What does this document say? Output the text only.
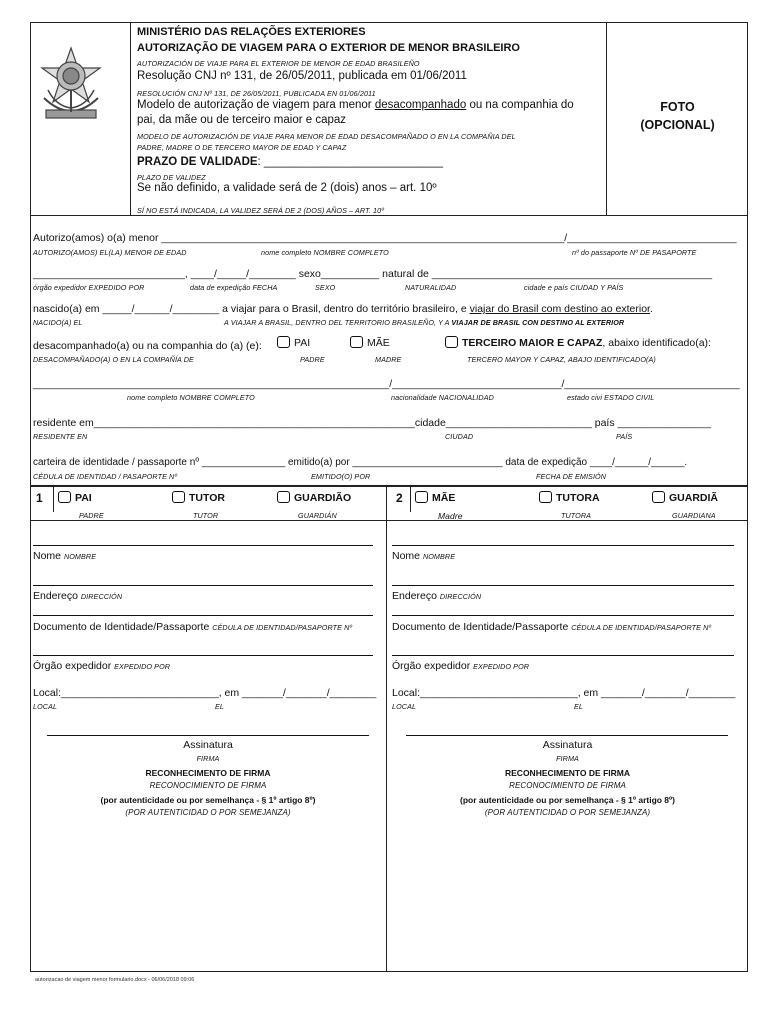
MINISTÉRIO DAS RELAÇÕES EXTERIORES
AUTORIZAÇÃO DE VIAGEM PARA O EXTERIOR DE MENOR BRASILEIRO
AUTORIZACIÓN DE VIAJE PARA EL EXTERIOR DE MENOR DE EDAD BRASILEÑO
Resolução CNJ nº 131, de 26/05/2011, publicada em 01/06/2011
RESOLUCIÓN CNJ Nº 131, DE 26/05/2011, PUBLICADA EN 01/06/2011
Modelo de autorização de viagem para menor desacompanhado ou na companhia do
pai, da mãe ou de terceiro maior e capaz
MODELO DE AUTORIZACIÓN DE VIAJE PARA MENOR DE EDAD DESACOMPAÑADO O EN LA COMPAÑIA DEL
PADRE, MADRE O DE TERCERO MAYOR DE EDAD Y CAPAZ
PRAZO DE VALIDADE: ____________________________
PLAZO DE VALIDEZ
Se não definido, a validade será de 2 (dois) anos – art. 10º
SÍ NO ESTÁ INDICADA, LA VALIDEZ SERÁ DE 2 (DOS) AÑOS – ART. 10º
FOTO
(OPCIONAL)
Autorizo(amos) o(a) menor _____________________________________________________________________/_____________________________
AUTORIZO(AMOS) EL(LA) MENOR DE EDAD	nome completo NOMBRE COMPLETO	nº do passaporte Nº DE PASAPORTE
__________________________, ____/_____/________ sexo__________ natural de ________________________________________________
órgão expedidor EXPEDIDO POR	data de expedição FECHA	SEXO	NATURALIDAD	cidade e país CIUDAD Y PAÍS
nascido(a) em _____/______/________ a viajar para o Brasil, dentro do território brasileiro, e viajar do Brasil com destino ao exterior.
NACIDO(A) EL	A VIAJAR A BRASIL, DENTRO DEL TERRITORIO BRASILEÑO, Y A VIAJAR DE BRASIL CON DESTINO AL EXTERIOR
desacompanhado(a) ou na companhia do (a) (e):	PAI	MÃE	TERCEIRO MAIOR E CAPAZ, abaixo identificado(a):
DESACOMPAÑADO(A) O EN LA COMPAÑÍA DE	PADRE	MADRE	TERCERO MAYOR Y CAPAZ, ABAJO IDENTIFICADO(A)
_____________________________________________________________/_____________________________/______________________________
nome completo NOMBRE COMPLETO	nacionalidade NACIONALIDAD	estado civi ESTADO CIVIL
residente em_______________________________________________________cidade_________________________ país ________________
RESIDENTE EN	CIUDAD	PAÍS
carteira de identidade / passaporte nº _______________ emitido(a) por ___________________________ data de expedição ____/______/______.
CÉDULA DE IDENTIDAD / PASAPORTE Nº	EMITIDO(O) POR	FECHA DE EMISIÓN
1	PAI	TUTOR	GUARDIÃO
PADRE	TUTOR	GUARDIÁN
2	MÃE	TUTORA	GUARDIÃ
Madre	TUTORA	GUARDIANA
Nome NOMBRE
Endereço DIRECCIÓN
Documento de Identidade/Passaporte CÉDULA DE IDENTIDAD/PASAPORTE Nº
Órgão expedidor EXPEDIDO POR
Local:___________________________, em _______/_______/________
LOCAL	EL
Assinatura
FIRMA
RECONHECIMENTO DE FIRMA
RECONOCIMIENTO DE FIRMA
(por autenticidade ou por semelhança - § 1º artigo 8º)
(POR AUTENTICIDAD O POR SEMEJANZA)
Nome NOMBRE
Endereço DIRECCIÓN
Documento de Identidade/Passaporte CÉDULA DE IDENTIDAD/PASAPORTE Nº
Órgão expedidor EXPEDIDO POR
Local:___________________________, em _______/_______/________
LOCAL	EL
Assinatura
FIRMA
RECONHECIMENTO DE FIRMA
RECONOCIMIENTO DE FIRMA
(por autenticidade ou por semelhança - § 1º artigo 8º)
(POR AUTENTICIDAD O POR SEMEJANZA)
autorizacao de viagem menor formulario.docx - 06/06/2018 09:06
